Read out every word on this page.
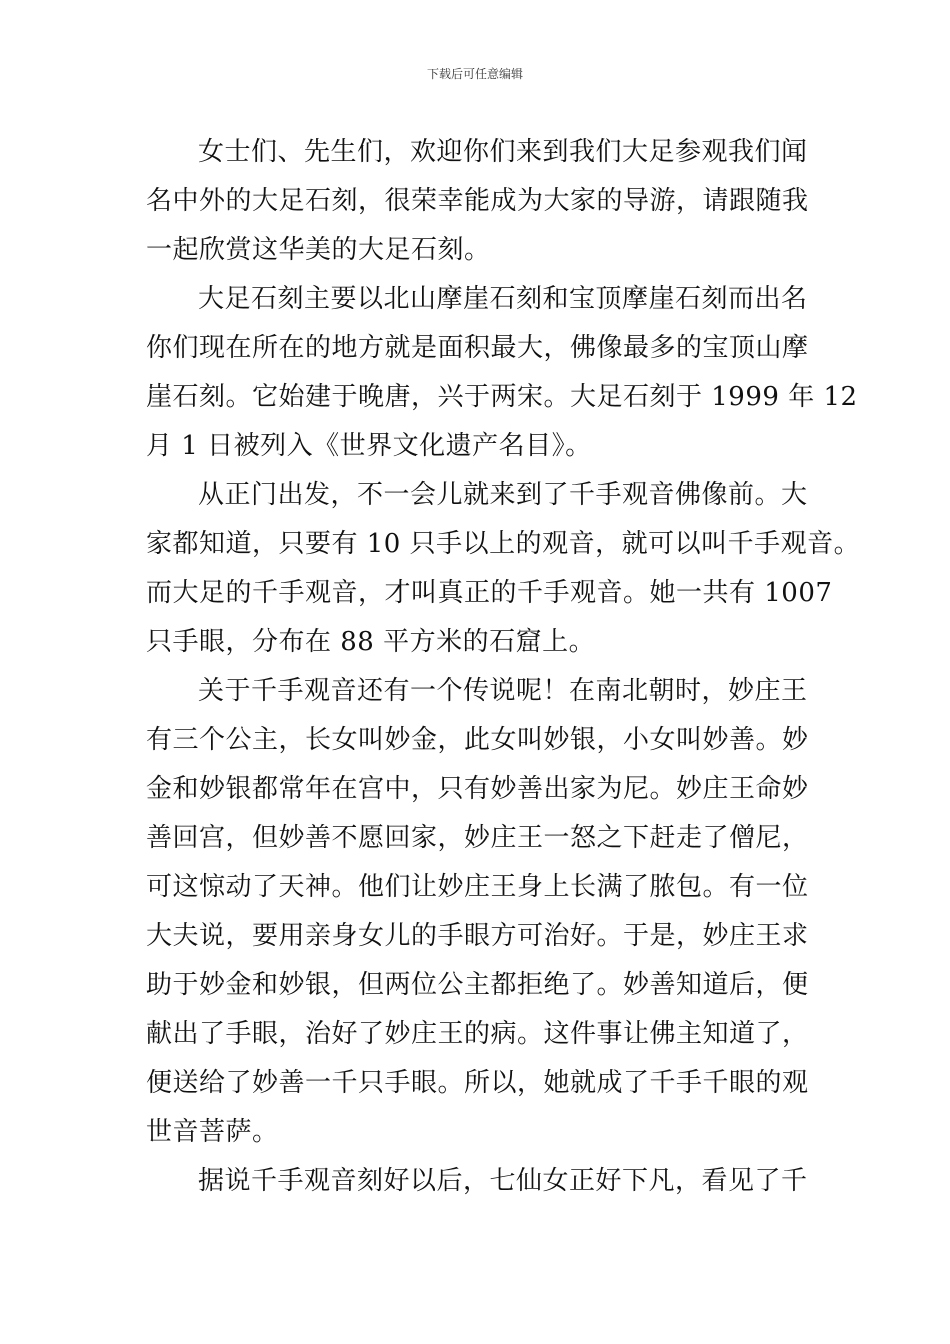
下载后可任意编辑
女士们、先生们，欢迎你们来到我们大足参观我们闻
名中外的大足石刻，很荣幸能成为大家的导游，请跟随我
一起欣赏这华美的大足石刻。
大足石刻主要以北山摩崖石刻和宝顶摩崖石刻而出名
你们现在所在的地方就是面积最大，佛像最多的宝顶山摩
崖石刻。它始建于晚唐，兴于两宋。大足石刻于 1999 年 12
月 1 日被列入《世界文化遗产名目》。
从正门出发，不一会儿就来到了千手观音佛像前。大
家都知道，只要有 10 只手以上的观音，就可以叫千手观音。
而大足的千手观音，才叫真正的千手观音。她一共有 1007
只手眼，分布在 88 平方米的石窟上。
关于千手观音还有一个传说呢！在南北朝时，妙庄王
有三个公主，长女叫妙金，此女叫妙银，小女叫妙善。妙
金和妙银都常年在宫中，只有妙善出家为尼。妙庄王命妙
善回宫，但妙善不愿回家，妙庄王一怒之下赶走了僧尼，
可这惊动了天神。他们让妙庄王身上长满了脓包。有一位
大夫说，要用亲身女儿的手眼方可治好。于是，妙庄王求
助于妙金和妙银，但两位公主都拒绝了。妙善知道后，便
献出了手眼，治好了妙庄王的病。这件事让佛主知道了，
便送给了妙善一千只手眼。所以，她就成了千手千眼的观
世音菩萨。
据说千手观音刻好以后，七仙女正好下凡，看见了千
